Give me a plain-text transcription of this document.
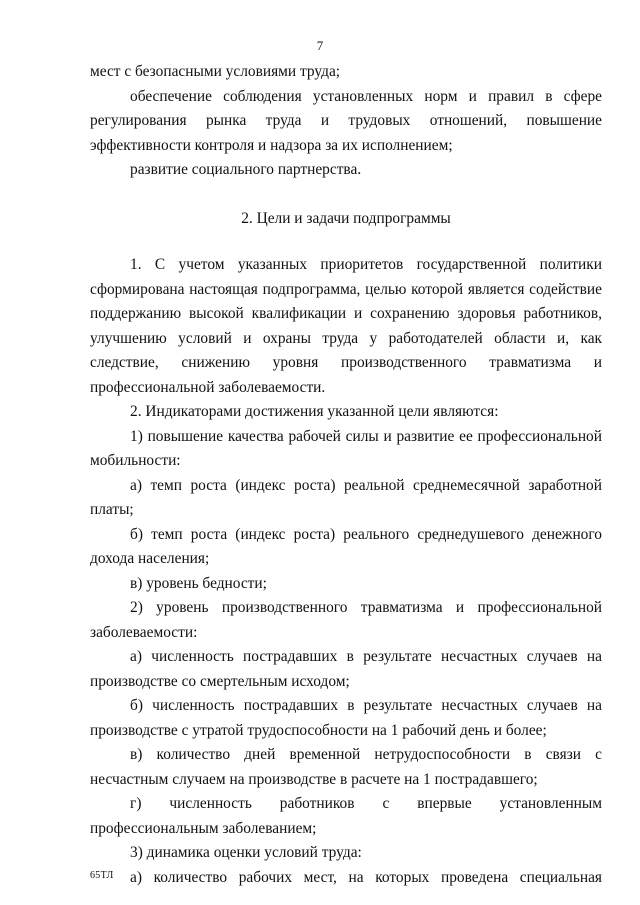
7

мест с безопасными условиями труда;

обеспечение соблюдения установленных норм и правил в сфере регулирования рынка труда и трудовых отношений, повышение эффективности контроля и надзора за их исполнением;

развитие социального партнерства.

2. Цели и задачи подпрограммы

1. С учетом указанных приоритетов государственной политики сформирована настоящая подпрограмма, целью которой является содействие поддержанию высокой квалификации и сохранению здоровья работников, улучшению условий и охраны труда у работодателей области и, как следствие, снижению уровня производственного травматизма и профессиональной заболеваемости.

2. Индикаторами достижения указанной цели являются:

1) повышение качества рабочей силы и развитие ее профессиональной мобильности:

а) темп роста (индекс роста) реальной среднемесячной заработной платы;

б) темп роста (индекс роста) реального среднедушевого денежного дохода населения;

в) уровень бедности;

2) уровень производственного травматизма и профессиональной заболеваемости:

а) численность пострадавших в результате несчастных случаев на производстве со смертельным исходом;

б) численность пострадавших в результате несчастных случаев на производстве с утратой трудоспособности на 1 рабочий день и более;

в) количество дней временной нетрудоспособности в связи с несчастным случаем на производстве в расчете на 1 пострадавшего;

г) численность работников с впервые установленным профессиональным заболеванием;

3) динамика оценки условий труда:

а) количество рабочих мест, на которых проведена специальная

65ТЛ
